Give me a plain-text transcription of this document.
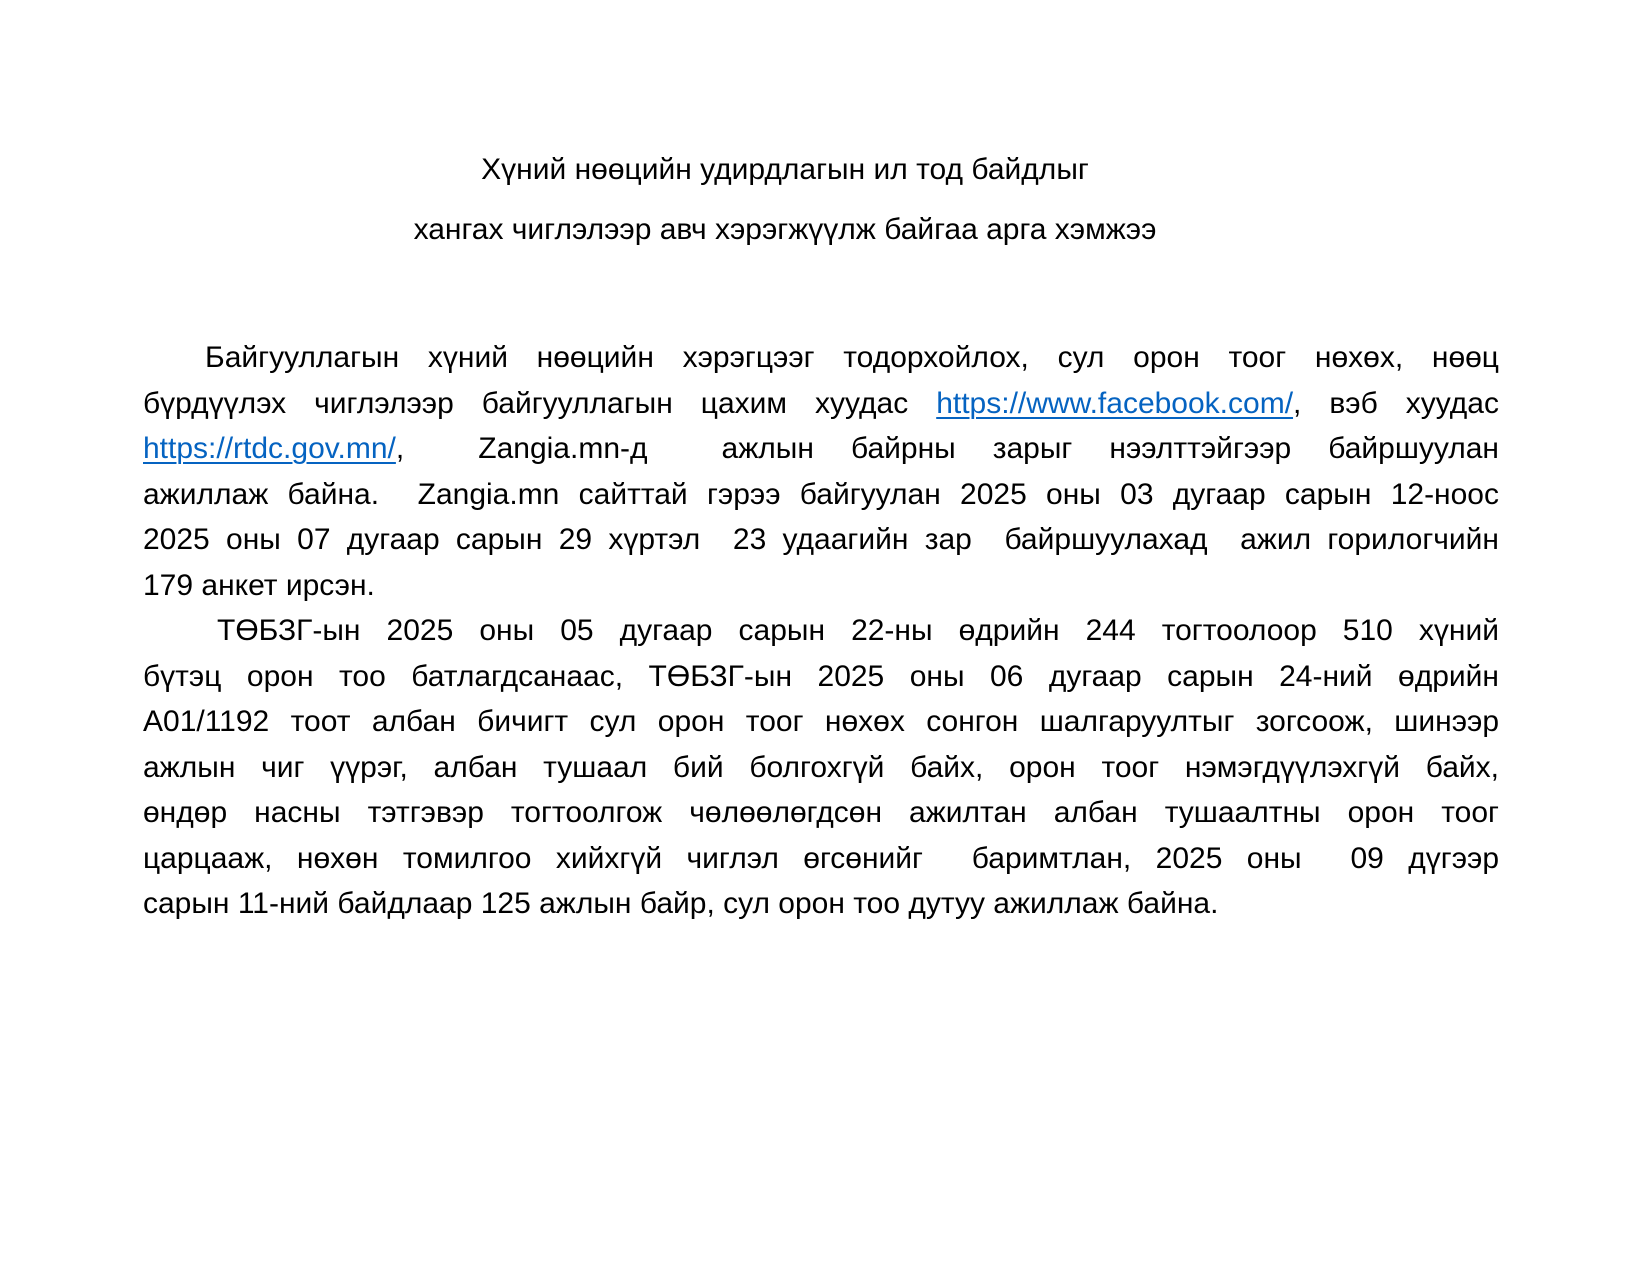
Хүний нөөцийн удирдлагын ил тод байдлыг
хангах чиглэлээр авч хэрэгжүүлж байгаа арга хэмжээ
Байгууллагын хүний нөөцийн хэрэгцээг тодорхойлох, сул орон тоог нөхөх, нөөц
бүрдүүлэх чиглэлээр байгууллагын цахим хуудас https://www.facebook.com/, вэб хуудас
https://rtdc.gov.mn/,  Zangia.mn-д  ажлын байрны зарыг нээлттэйгээр байршуулан
ажиллаж байна.  Zangia.mn сайттай гэрээ байгуулан 2025 оны 03 дугаар сарын 12-ноос
2025 оны 07 дугаар сарын 29 хүртэл  23 удаагийн зар  байршуулахад  ажил горилогчийн
179 анкет ирсэн.
ТӨБЗГ-ын 2025 оны 05 дугаар сарын 22-ны өдрийн 244 тогтоолоор 510 хүний
бүтэц орон тоо батлагдсанаас, ТӨБЗГ-ын 2025 оны 06 дугаар сарын 24-ний өдрийн
А01/1192 тоот албан бичигт сул орон тоог нөхөх сонгон шалгаруултыг зогсоож, шинээр
ажлын чиг үүрэг, албан тушаал бий болгохгүй байх, орон тоог нэмэгдүүлэхгүй байх,
өндөр насны тэтгэвэр тогтоолгож чөлөөлөгдсөн ажилтан албан тушаалтны орон тоог
царцааж, нөхөн томилгоо хийхгүй чиглэл өгсөнийг  баримтлан, 2025 оны  09 дүгээр
сарын 11-ний байдлаар 125 ажлын байр, сул орон тоо дутуу ажиллаж байна.
